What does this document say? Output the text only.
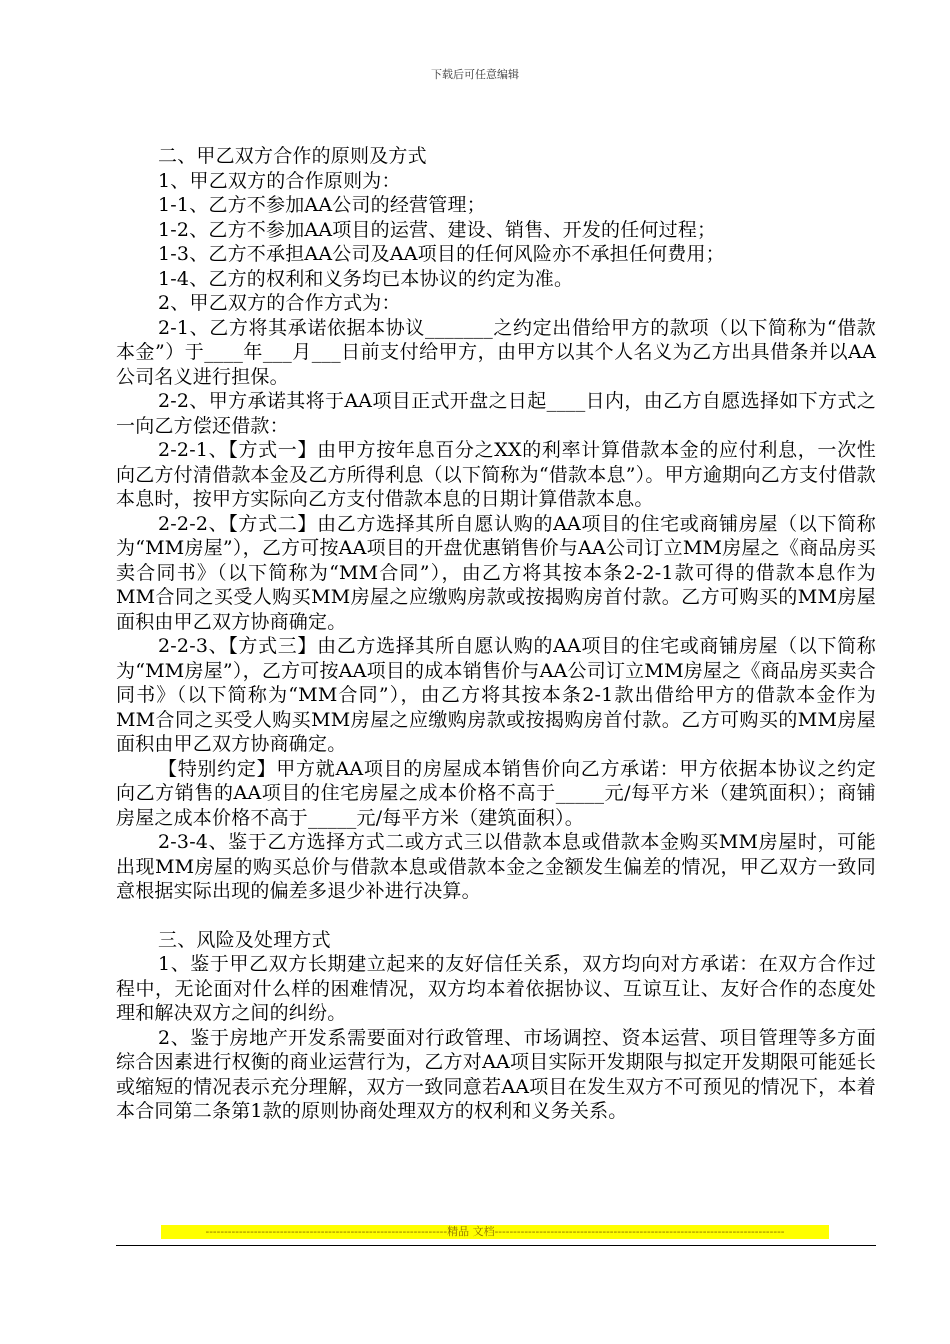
下载后可任意编辑

二、甲乙双方合作的原则及方式

1、甲乙双方的合作原则为：

1-1、乙方不参加AA公司的经营管理；

1-2、乙方不参加AA项目的运营、建设、销售、开发的任何过程；

1-3、乙方不承担AA公司及AA项目的任何风险亦不承担任何费用；

1-4、乙方的权利和义务均已本协议的约定为准。

2、甲乙双方的合作方式为：

2-1、乙方将其承诺依据本协议_______之约定出借给甲方的款项（以下简称为“借款本金”）于____年___月___日前支付给甲方，由甲方以其个人名义为乙方出具借条并以AA公司名义进行担保。

2-2、甲方承诺其将于AA项目正式开盘之日起____日内，由乙方自愿选择如下方式之一向乙方偿还借款：

2-2-1、【方式一】由甲方按年息百分之XX的利率计算借款本金的应付利息，一次性向乙方付清借款本金及乙方所得利息（以下简称为“借款本息”）。甲方逾期向乙方支付借款本息时，按甲方实际向乙方支付借款本息的日期计算借款本息。

2-2-2、【方式二】由乙方选择其所自愿认购的AA项目的住宅或商铺房屋（以下简称为“MM房屋”），乙方可按AA项目的开盘优惠销售价与AA公司订立MM房屋之《商品房买卖合同书》（以下简称为“MM合同”），由乙方将其按本条2-2-1款可得的借款本息作为MM合同之买受人购买MM房屋之应缴购房款或按揭购房首付款。乙方可购买的MM房屋面积由甲乙双方协商确定。

2-2-3、【方式三】由乙方选择其所自愿认购的AA项目的住宅或商铺房屋（以下简称为“MM房屋”），乙方可按AA项目的成本销售价与AA公司订立MM房屋之《商品房买卖合同书》（以下简称为“MM合同”），由乙方将其按本条2-1款出借给甲方的借款本金作为MM合同之买受人购买MM房屋之应缴购房款或按揭购房首付款。乙方可购买的MM房屋面积由甲乙双方协商确定。

【特别约定】甲方就AA项目的房屋成本销售价向乙方承诺：甲方依据本协议之约定向乙方销售的AA项目的住宅房屋之成本价格不高于_____元/每平方米（建筑面积）；商铺房屋之成本价格不高于_____元/每平方米（建筑面积）。

2-3-4、鉴于乙方选择方式二或方式三以借款本息或借款本金购买MM房屋时，可能出现MM房屋的购买总价与借款本息或借款本金之金额发生偏差的情况，甲乙双方一致同意根据实际出现的偏差多退少补进行决算。

三、风险及处理方式

1、鉴于甲乙双方长期建立起来的友好信任关系，双方均向对方承诺：在双方合作过程中，无论面对什么样的困难情况，双方均本着依据协议、互谅互让、友好合作的态度处理和解决双方之间的纠纷。

2、鉴于房地产开发系需要面对行政管理、市场调控、资本运营、项目管理等多方面综合因素进行权衡的商业运营行为，乙方对AA项目实际开发期限与拟定开发期限可能延长或缩短的情况表示充分理解，双方一致同意若AA项目在发生双方不可预见的情况下，本着本合同第二条第1款的原则协商处理双方的权利和义务关系。

-----------------------------------------------------------------精品 文档------------------------------------------------------------------------------
